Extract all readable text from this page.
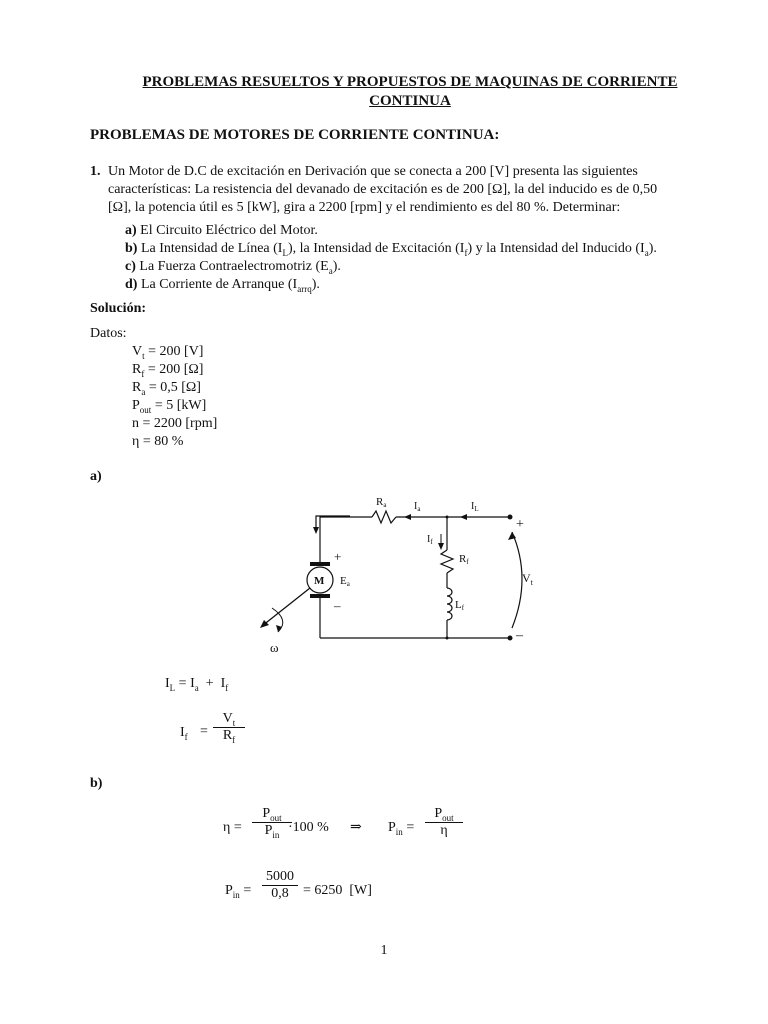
PROBLEMAS RESUELTOS Y PROPUESTOS DE MAQUINAS DE CORRIENTE
CONTINUA
PROBLEMAS DE MOTORES DE CORRIENTE CONTINUA:
1. Un Motor de D.C de excitación en Derivación que se conecta a 200 [V] presenta las siguientes
características: La resistencia del devanado de excitación es de 200 [Ω], la del inducido es de 0,50
[Ω], la potencia útil es 5 [kW], gira a 2200 [rpm] y el rendimiento es del 80 %. Determinar:
a) El Circuito Eléctrico del Motor.
b) La Intensidad de Línea $(I_L)$, la Intensidad de Excitación $(I_f)$ y la Intensidad del Inducido $(I_a)$.
c) La Fuerza Contraelectromotriz $(E_a)$.
d) La Corriente de Arranque $(I_{arrq})$.
Solución:
Datos:
$V_t = 200$ [V]
$R_f = 200$ [Ω]
$R_a = 0,5$ [Ω]
$P_{out} = 5$ [kW]
n = 2200 [rpm]
η = 80 %
a)
Ra	$I_a$	$I_L$
$I_f$
Rf
Lf
M Ea	$V_t$
+
–
+
–
ω
$I_L = I_a + I_f$
$I_f = \frac{V_t}{R_f}$
b)
η =
$P_{out}$
$P_{in} \cdot 100$ % ⇒ $P_{in}$ =
$P_{out}$
η
$P_{in} = \frac{5000}{0,8} = 6250$  [W]
1
